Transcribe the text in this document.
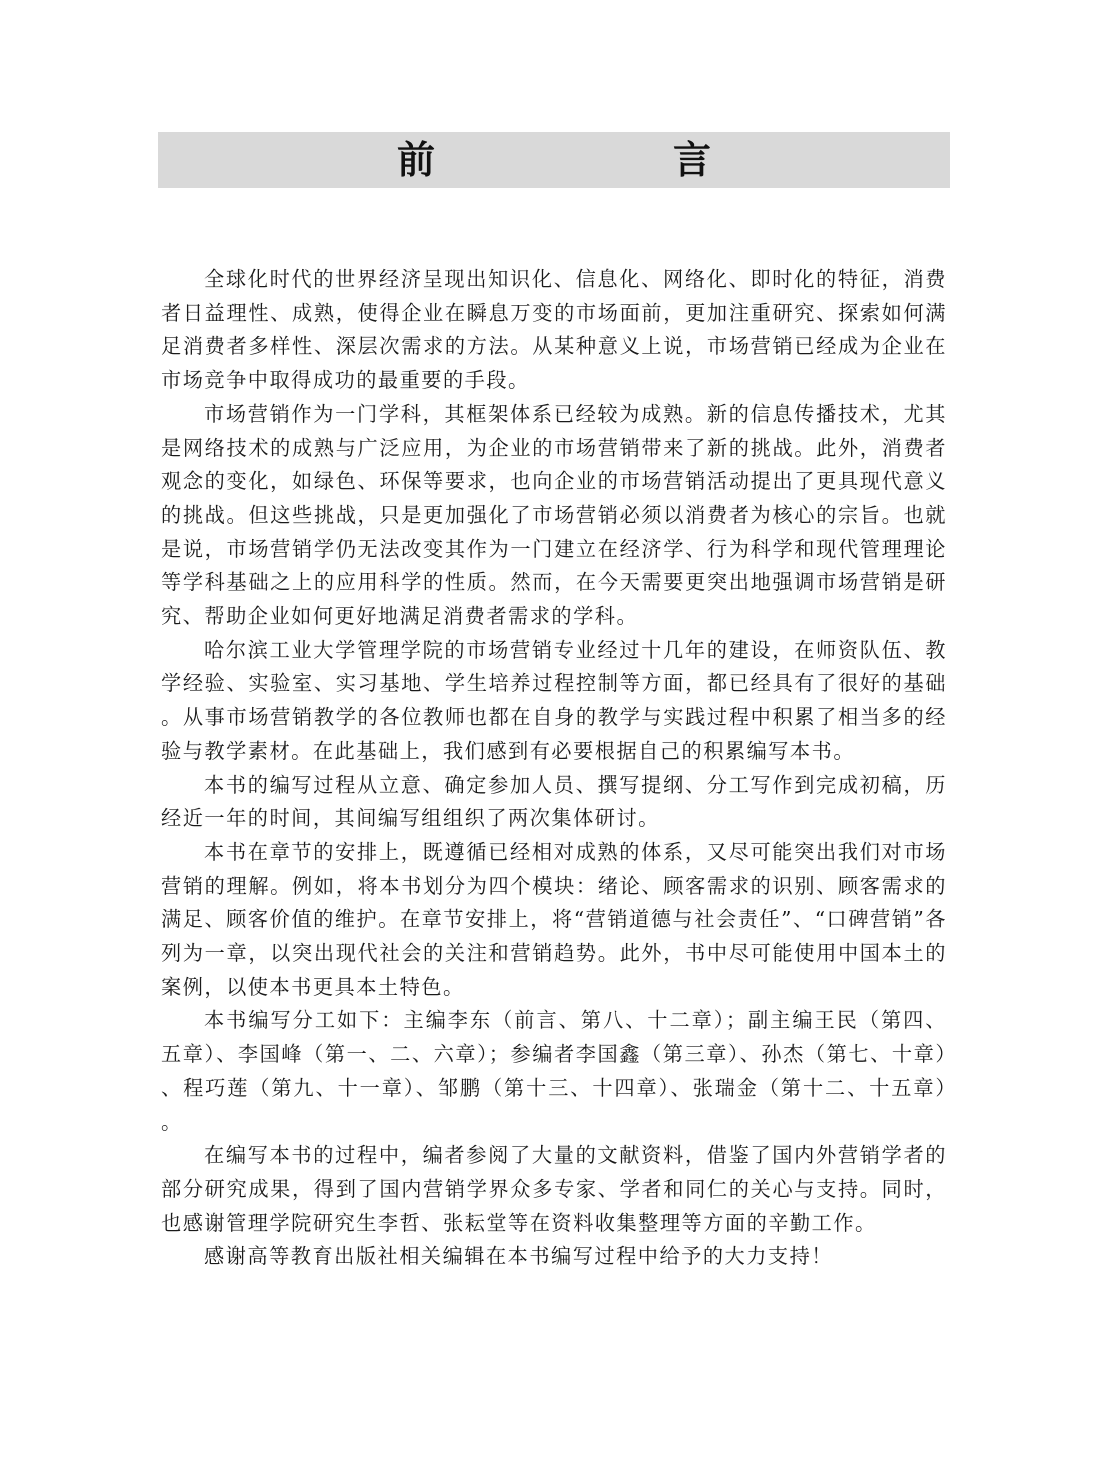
前　言

全球化时代的世界经济呈现出知识化、信息化、网络化、即时化的特征，消费者日益理性、成熟，使得企业在瞬息万变的市场面前，更加注重研究、探索如何满足消费者多样性、深层次需求的方法。从某种意义上说，市场营销已经成为企业在市场竞争中取得成功的最重要的手段。

市场营销作为一门学科，其框架体系已经较为成熟。新的信息传播技术，尤其是网络技术的成熟与广泛应用，为企业的市场营销带来了新的挑战。此外，消费者观念的变化，如绿色、环保等要求，也向企业的市场营销活动提出了更具现代意义的挑战。但这些挑战，只是更加强化了市场营销必须以消费者为核心的宗旨。也就是说，市场营销学仍无法改变其作为一门建立在经济学、行为科学和现代管理理论等学科基础之上的应用科学的性质。然而，在今天需要更突出地强调市场营销是研究、帮助企业如何更好地满足消费者需求的学科。

哈尔滨工业大学管理学院的市场营销专业经过十几年的建设，在师资队伍、教学经验、实验室、实习基地、学生培养过程控制等方面，都已经具有了很好的基础。从事市场营销教学的各位教师也都在自身的教学与实践过程中积累了相当多的经验与教学素材。在此基础上，我们感到有必要根据自己的积累编写本书。

本书的编写过程从立意、确定参加人员、撰写提纲、分工写作到完成初稿，历经近一年的时间，其间编写组组织了两次集体研讨。

本书在章节的安排上，既遵循已经相对成熟的体系，又尽可能突出我们对市场营销的理解。例如，将本书划分为四个模块：绪论、顾客需求的识别、顾客需求的满足、顾客价值的维护。在章节安排上，将“营销道德与社会责任”、“口碑营销”各列为一章，以突出现代社会的关注和营销趋势。此外，书中尽可能使用中国本土的案例，以使本书更具本土特色。

本书编写分工如下：主编李东（前言、第八、十二章）；副主编王民（第四、五章）、李国峰（第一、二、六章）；参编者李国鑫（第三章）、孙杰（第七、十章）、程巧莲（第九、十一章）、邹鹏（第十三、十四章）、张瑞金（第十二、十五章）。

在编写本书的过程中，编者参阅了大量的文献资料，借鉴了国内外营销学者的部分研究成果，得到了国内营销学界众多专家、学者和同仁的关心与支持。同时，也感谢管理学院研究生李哲、张耘堂等在资料收集整理等方面的辛勤工作。

感谢高等教育出版社相关编辑在本书编写过程中给予的大力支持！
